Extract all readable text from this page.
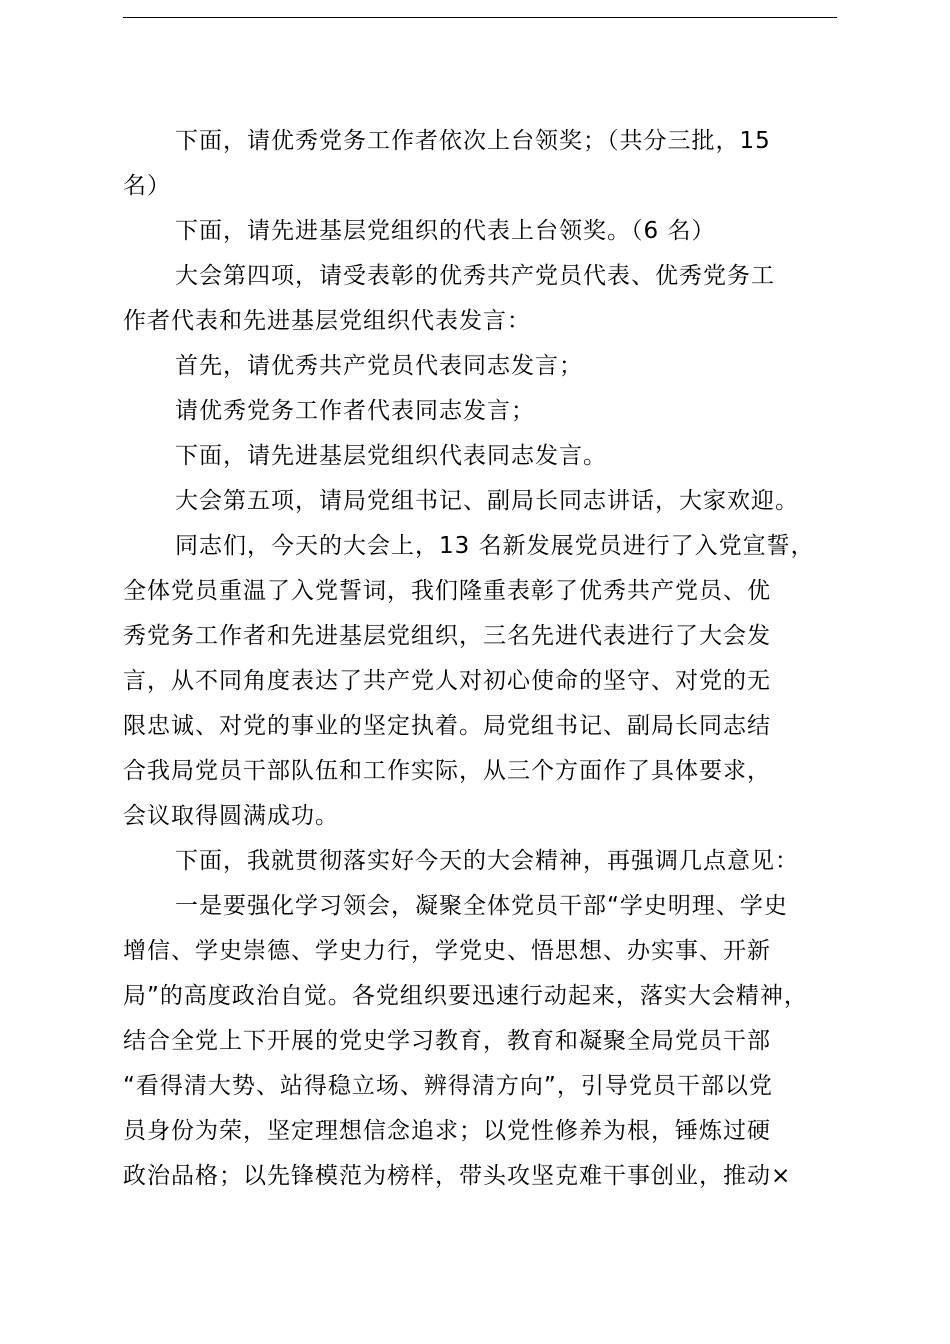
下面，请优秀党务工作者依次上台领奖；（共分三批，15
名）

下面，请先进基层党组织的代表上台领奖。（6 名）

大会第四项，请受表彰的优秀共产党员代表、优秀党务工
作者代表和先进基层党组织代表发言：

首先，请优秀共产党员代表同志发言；

请优秀党务工作者代表同志发言；

下面，请先进基层党组织代表同志发言。

大会第五项，请局党组书记、副局长同志讲话，大家欢迎。

同志们，今天的大会上，13 名新发展党员进行了入党宣誓，
全体党员重温了入党誓词，我们隆重表彰了优秀共产党员、优
秀党务工作者和先进基层党组织，三名先进代表进行了大会发
言，从不同角度表达了共产党人对初心使命的坚守、对党的无
限忠诚、对党的事业的坚定执着。局党组书记、副局长同志结
合我局党员干部队伍和工作实际，从三个方面作了具体要求，
会议取得圆满成功。

下面，我就贯彻落实好今天的大会精神，再强调几点意见：

一是要强化学习领会，凝聚全体党员干部“学史明理、学史
增信、学史崇德、学史力行，学党史、悟思想、办实事、开新
局”的高度政治自觉。各党组织要迅速行动起来，落实大会精神，
结合全党上下开展的党史学习教育，教育和凝聚全局党员干部
“看得清大势、站得稳立场、辨得清方向”，引导党员干部以党
员身份为荣，坚定理想信念追求；以党性修养为根，锤炼过硬
政治品格；以先锋模范为榜样，带头攻坚克难干事创业，推动×
